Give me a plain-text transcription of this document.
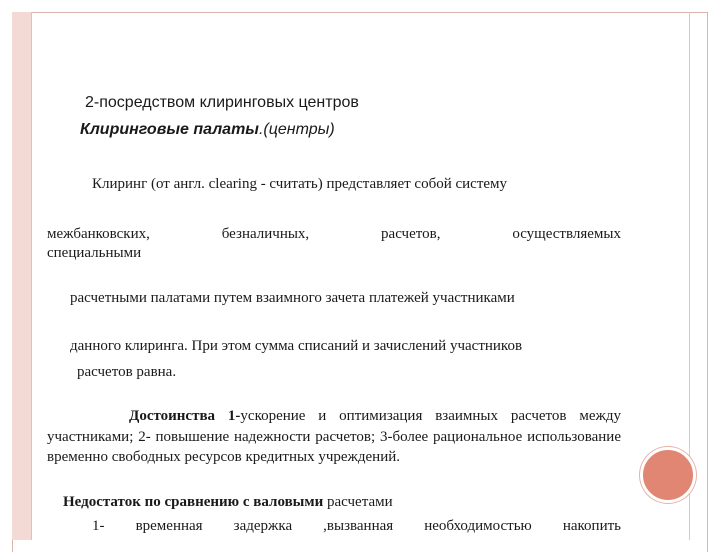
2-посредством клиринговых центров
Клиринговые палаты.(центры)
Клиринг (от англ. clearing - считать) представляет собой систему
межбанковских,	безналичных,	расчетов,	осуществляемых
специальными
расчетными палатами путем взаимного зачета платежей участниками
данного клиринга. При этом сумма списаний и зачислений участников
расчетов равна.
Достоинства 1-ускорение и оптимизация взаимных расчетов между участниками; 2- повышение надежности расчетов; 3-более рациональное использование временно свободных ресурсов кредитных учреждений.
Недостаток по сравнению с валовыми расчетами
1- временная задержка ,вызванная необходимостью накопить
